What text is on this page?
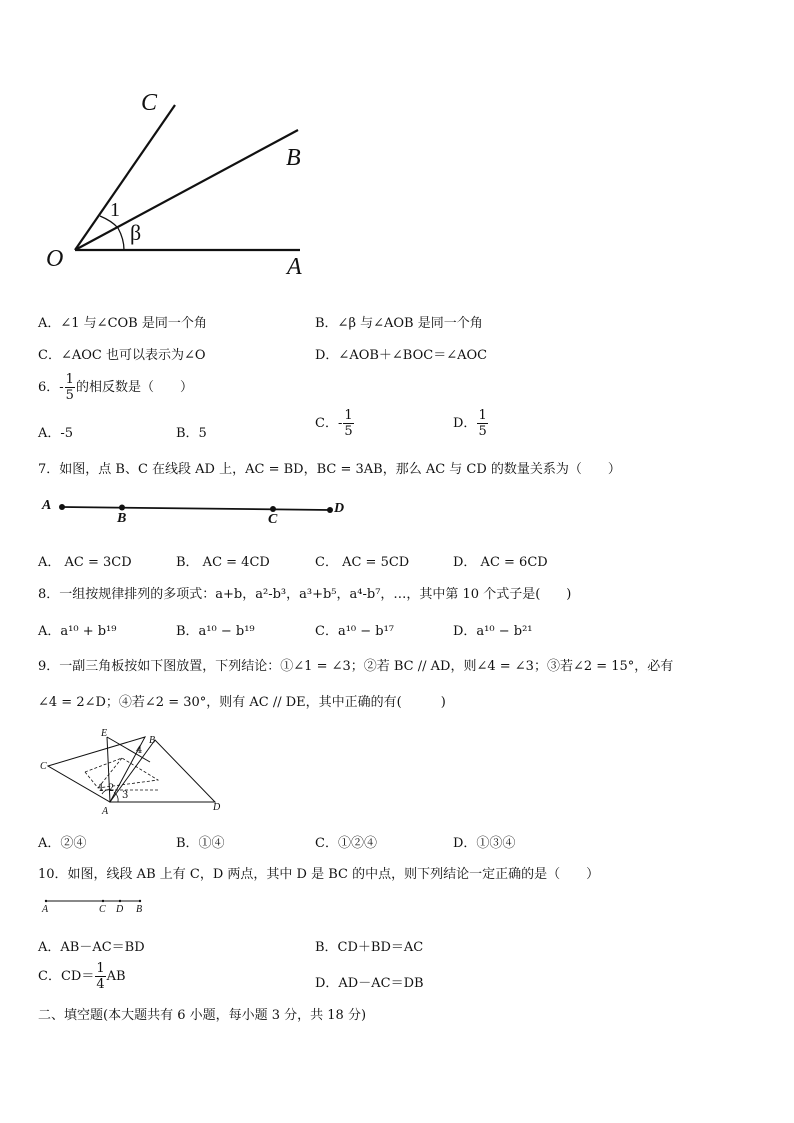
C
B
O	A
1
β
A．∠1 与∠COB 是同一个角	B．∠β 与∠AOB 是同一个角
C．∠AOC 也可以表示为∠O	D．∠AOB＋∠BOC＝∠AOC
6．- $\frac{1}{5}$ 的相反数是（　　）
A．-5	B．5
C．- $\frac{1}{5}$	D． $\frac{1}{5}$
7．如图，点 B、C 在线段 AD 上，AC = BD，BC = 3AB，那么 AC 与 CD 的数量关系为（　　）
A
B	C
D
A． AC = 3CD	B． AC = 4CD	C． AC = 5CD	D． AC = 6CD
8．一组按规律排列的多项式：a+b，a²-b³，a³+b⁵，a⁴-b⁷，…，其中第 10 个式子是(　　)
A．a¹⁰ + b¹⁹	B．a¹⁰ − b¹⁹	C．a¹⁰ − b¹⁷	D．a¹⁰ − b²¹
9．一副三角板按如下图放置，下列结论：①∠1 = ∠3；②若 BC // AD，则∠4 = ∠3；③若∠2 = 15°，必有
∠4 = 2∠D；④若∠2 = 30°，则有 AC // DE，其中正确的有(　　　)
E
B
C
D
A
1 2
3
4
A．②④	B．①④	C．①②④	D．①③④
10．如图，线段 AB 上有 C，D 两点，其中 D 是 BC 的中点，则下列结论一定正确的是（　　）
A	C D B
A．AB－AC＝BD	B．CD＋BD＝AC
C．$CD= \frac{1}{4}$ AB	D．AD－AC＝DB
二、填空题(本大题共有 6 小题，每小题 3 分，共 18 分)
